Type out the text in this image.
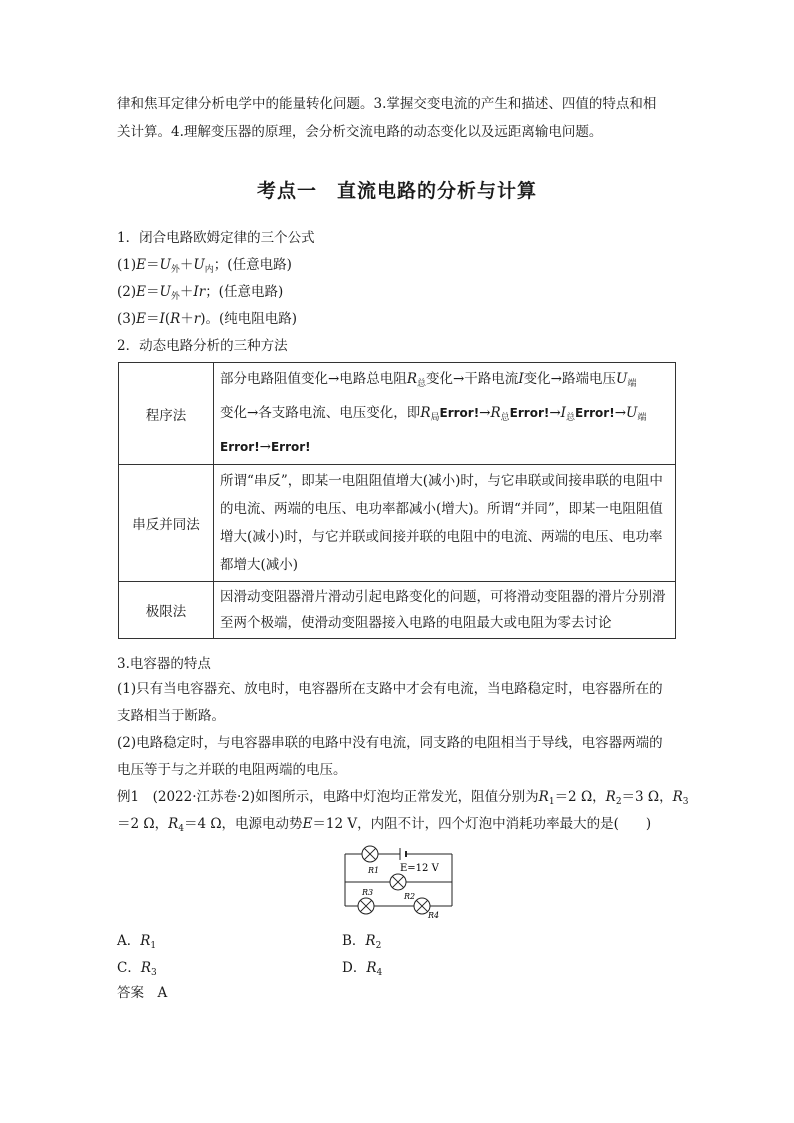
律和焦耳定律分析电学中的能量转化问题。3.掌握交变电流的产生和描述、四值的特点和相
关计算。4.理解变压器的原理，会分析交流电路的动态变化以及远距离输电问题。
考点一　直流电路的分析与计算
1．闭合电路欧姆定律的三个公式
$(1)E=U_外+U_内$；(任意电路)
$(2)E=U_外+Ir$；(任意电路)
(3)E＝I(R＋r)。(纯电阻电路)
2．动态电路分析的三种方法
程序法	部分电路阻值变化→电路总电阻$R_总$变化→干路电流I变化→路端电压$U_端$
变化→各支路电流、电压变化，即$R_局Error!\to R_总Error!\to I_总Error!\to U_端$
Error!→Error!

串反并同法	所谓“串反”，即某一电阻阻值增大(减小)时，与它串联或间接串联的电阻中的电流、两端的电压、电功率都减小(增大)。所谓“并同”，即某一电阻阻值增大(减小)时，与它并联或间接并联的电阻中的电流、两端的电压、电功率都增大(减小)
极限法	因滑动变阻器滑片滑动引起电路变化的问题，可将滑动变阻器的滑片分别滑至两个极端，使滑动变阻器接入电路的电阻最大或电阻为零去讨论
3.电容器的特点
(1)只有当电容器充、放电时，电容器所在支路中才会有电流，当电路稳定时，电容器所在的
支路相当于断路。
(2)电路稳定时，与电容器串联的电路中没有电流，同支路的电阻相当于导线，电容器两端的
电压等于与之并联的电阻两端的电压。
例1　(2022·江苏卷·2)如图所示，电路中灯泡均正常发光，阻值分别为$R_1=2$ Ω，$R_2=3$ Ω，$R_3$
＝2 Ω，$R_4=4$ Ω，电源电动势E＝12 V，内阻不计，四个灯泡中消耗功率最大的是(　　)
E=12 V
R1
R2
R3
R4
A．$R_1$	B．$R_2$
C．$R_3$	D．$R_4$
答案　A
